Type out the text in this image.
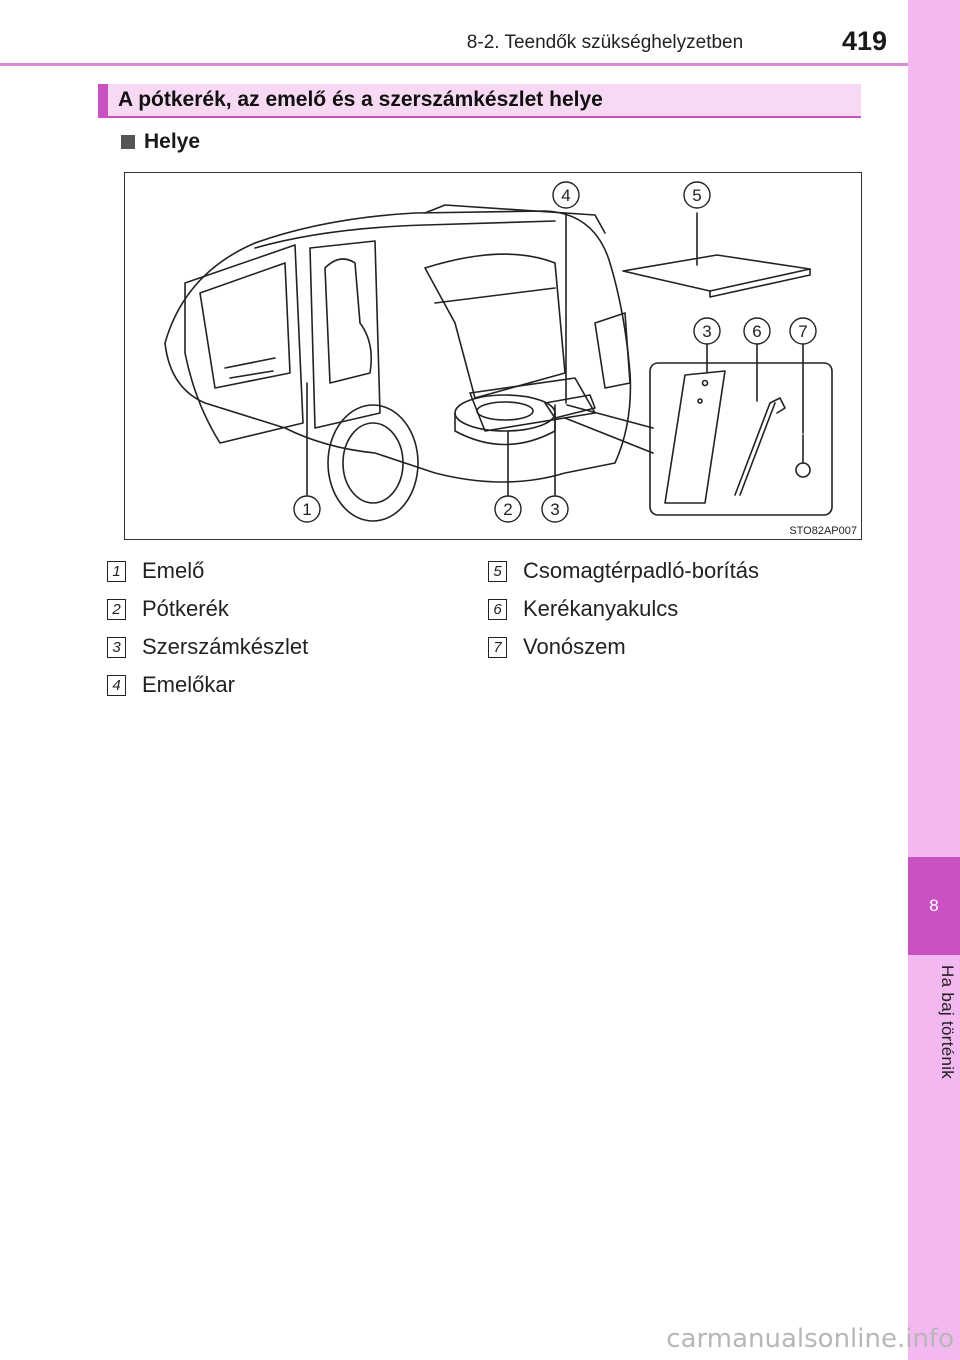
419
8-2. Teendők szükséghelyzetben
8
Ha baj történik
A pótkerék, az emelő és a szerszámkészlet helye
Helye
1	2 3
4	5
3 6 7
STO82AP007
1 Emelő
2 Pótkerék
3 Szerszámkészlet
4 Emelőkar
5 Csomagtérpadló-borítás
6 Kerékanyakulcs
7 Vonószem
carmanualsonline.info
